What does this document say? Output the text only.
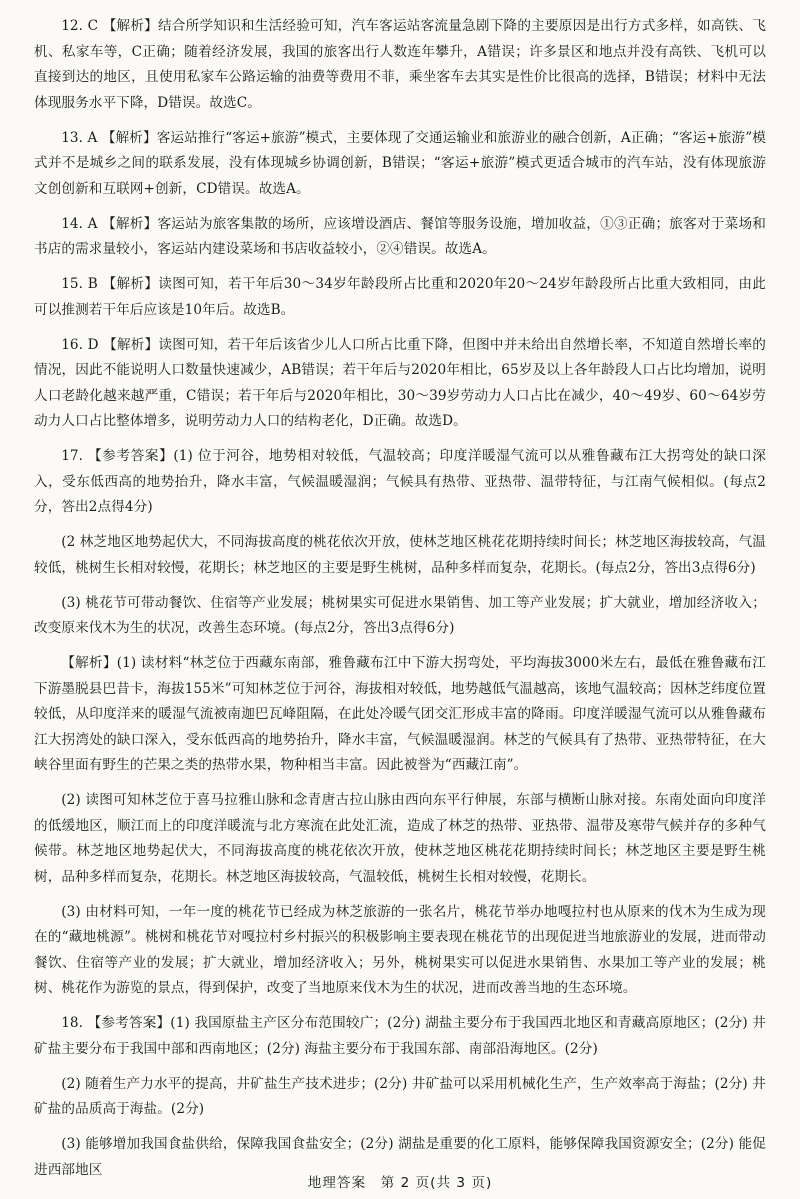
12. C 【解析】结合所学知识和生活经验可知，汽车客运站客流量急剧下降的主要原因是出行方式多样，如高铁、飞机、私家车等，C正确；随着经济发展，我国的旅客出行人数连年攀升，A错误；许多景区和地点并没有高铁、飞机可以直接到达的地区，且使用私家车公路运输的油费等费用不菲，乘坐客车去其实是性价比很高的选择，B错误；材料中无法体现服务水平下降，D错误。故选C。

13. A 【解析】客运站推行“客运+旅游”模式，主要体现了交通运输业和旅游业的融合创新，A正确；“客运+旅游”模式并不是城乡之间的联系发展，没有体现城乡协调创新，B错误；“客运+旅游”模式更适合城市的汽车站，没有体现旅游文创创新和互联网+创新，CD错误。故选A。

14. A 【解析】客运站为旅客集散的场所，应该增设酒店、餐馆等服务设施，增加收益，①③正确；旅客对于菜场和书店的需求量较小，客运站内建设菜场和书店收益较小，②④错误。故选A。

15. B 【解析】读图可知，若干年后30～34岁年龄段所占比重和2020年20～24岁年龄段所占比重大致相同，由此可以推测若干年后应该是10年后。故选B。

16. D 【解析】读图可知，若干年后该省少儿人口所占比重下降，但图中并未给出自然增长率，不知道自然增长率的情况，因此不能说明人口数量快速减少，AB错误；若干年后与2020年相比，65岁及以上各年龄段人口占比均增加，说明人口老龄化越来越严重，C错误；若干年后与2020年相比，30～39岁劳动力人口占比在减少，40～49岁、60～64岁劳动力人口占比整体增多，说明劳动力人口的结构老化，D正确。故选D。

17. 【参考答案】(1) 位于河谷，地势相对较低，气温较高；印度洋暖湿气流可以从雅鲁藏布江大拐弯处的缺口深入，受东低西高的地势抬升，降水丰富，气候温暖湿润；气候具有热带、亚热带、温带特征，与江南气候相似。(每点2分，答出2点得4分)

(2 林芝地区地势起伏大，不同海拔高度的桃花依次开放，使林芝地区桃花花期持续时间长；林芝地区海拔较高，气温较低，桃树生长相对较慢，花期长；林芝地区的主要是野生桃树，品种多样而复杂，花期长。(每点2分，答出3点得6分)

(3) 桃花节可带动餐饮、住宿等产业发展；桃树果实可促进水果销售、加工等产业发展；扩大就业，增加经济收入；改变原来伐木为生的状况，改善生态环境。(每点2分，答出3点得6分)

【解析】(1) 读材料“林芝位于西藏东南部，雅鲁藏布江中下游大拐弯处，平均海拔3000米左右，最低在雅鲁藏布江下游墨脱县巴昔卡，海拔155米”可知林芝位于河谷，海拔相对较低，地势越低气温越高，该地气温较高；因林芝纬度位置较低，从印度洋来的暖湿气流被南迦巴瓦峰阻隔，在此处冷暖气团交汇形成丰富的降雨。印度洋暖湿气流可以从雅鲁藏布江大拐湾处的缺口深入，受东低西高的地势抬升，降水丰富，气候温暖湿润。林芝的气候具有了热带、亚热带特征，在大峡谷里面有野生的芒果之类的热带水果，物种相当丰富。因此被誉为“西藏江南”。

(2) 读图可知林芝位于喜马拉雅山脉和念青唐古拉山脉由西向东平行伸展，东部与横断山脉对接。东南处面向印度洋的低缓地区，顺江而上的印度洋暖流与北方寒流在此处汇流，造成了林芝的热带、亚热带、温带及寒带气候并存的多种气候带。林芝地区地势起伏大，不同海拔高度的桃花依次开放，使林芝地区桃花花期持续时间长；林芝地区主要是野生桃树，品种多样而复杂，花期长。林芝地区海拔较高，气温较低，桃树生长相对较慢，花期长。

(3) 由材料可知，一年一度的桃花节已经成为林芝旅游的一张名片，桃花节举办地嘎拉村也从原来的伐木为生成为现在的“藏地桃源”。桃树和桃花节对嘎拉村乡村振兴的积极影响主要表现在桃花节的出现促进当地旅游业的发展，进而带动餐饮、住宿等产业的发展；扩大就业，增加经济收入；另外，桃树果实可以促进水果销售、水果加工等产业的发展；桃树、桃花作为游览的景点，得到保护，改变了当地原来伐木为生的状况，进而改善当地的生态环境。

18. 【参考答案】(1) 我国原盐主产区分布范围较广；(2分) 湖盐主要分布于我国西北地区和青藏高原地区；(2分) 井矿盐主要分布于我国中部和西南地区；(2分) 海盐主要分布于我国东部、南部沿海地区。(2分)

(2) 随着生产力水平的提高，井矿盐生产技术进步；(2分) 井矿盐可以采用机械化生产，生产效率高于海盐；(2分) 井矿盐的品质高于海盐。(2分)

(3) 能够增加我国食盐供给，保障我国食盐安全；(2分) 湖盐是重要的化工原料，能够保障我国资源安全；(2分) 能促进西部地区

地理答案　第 2 页(共 3 页)
